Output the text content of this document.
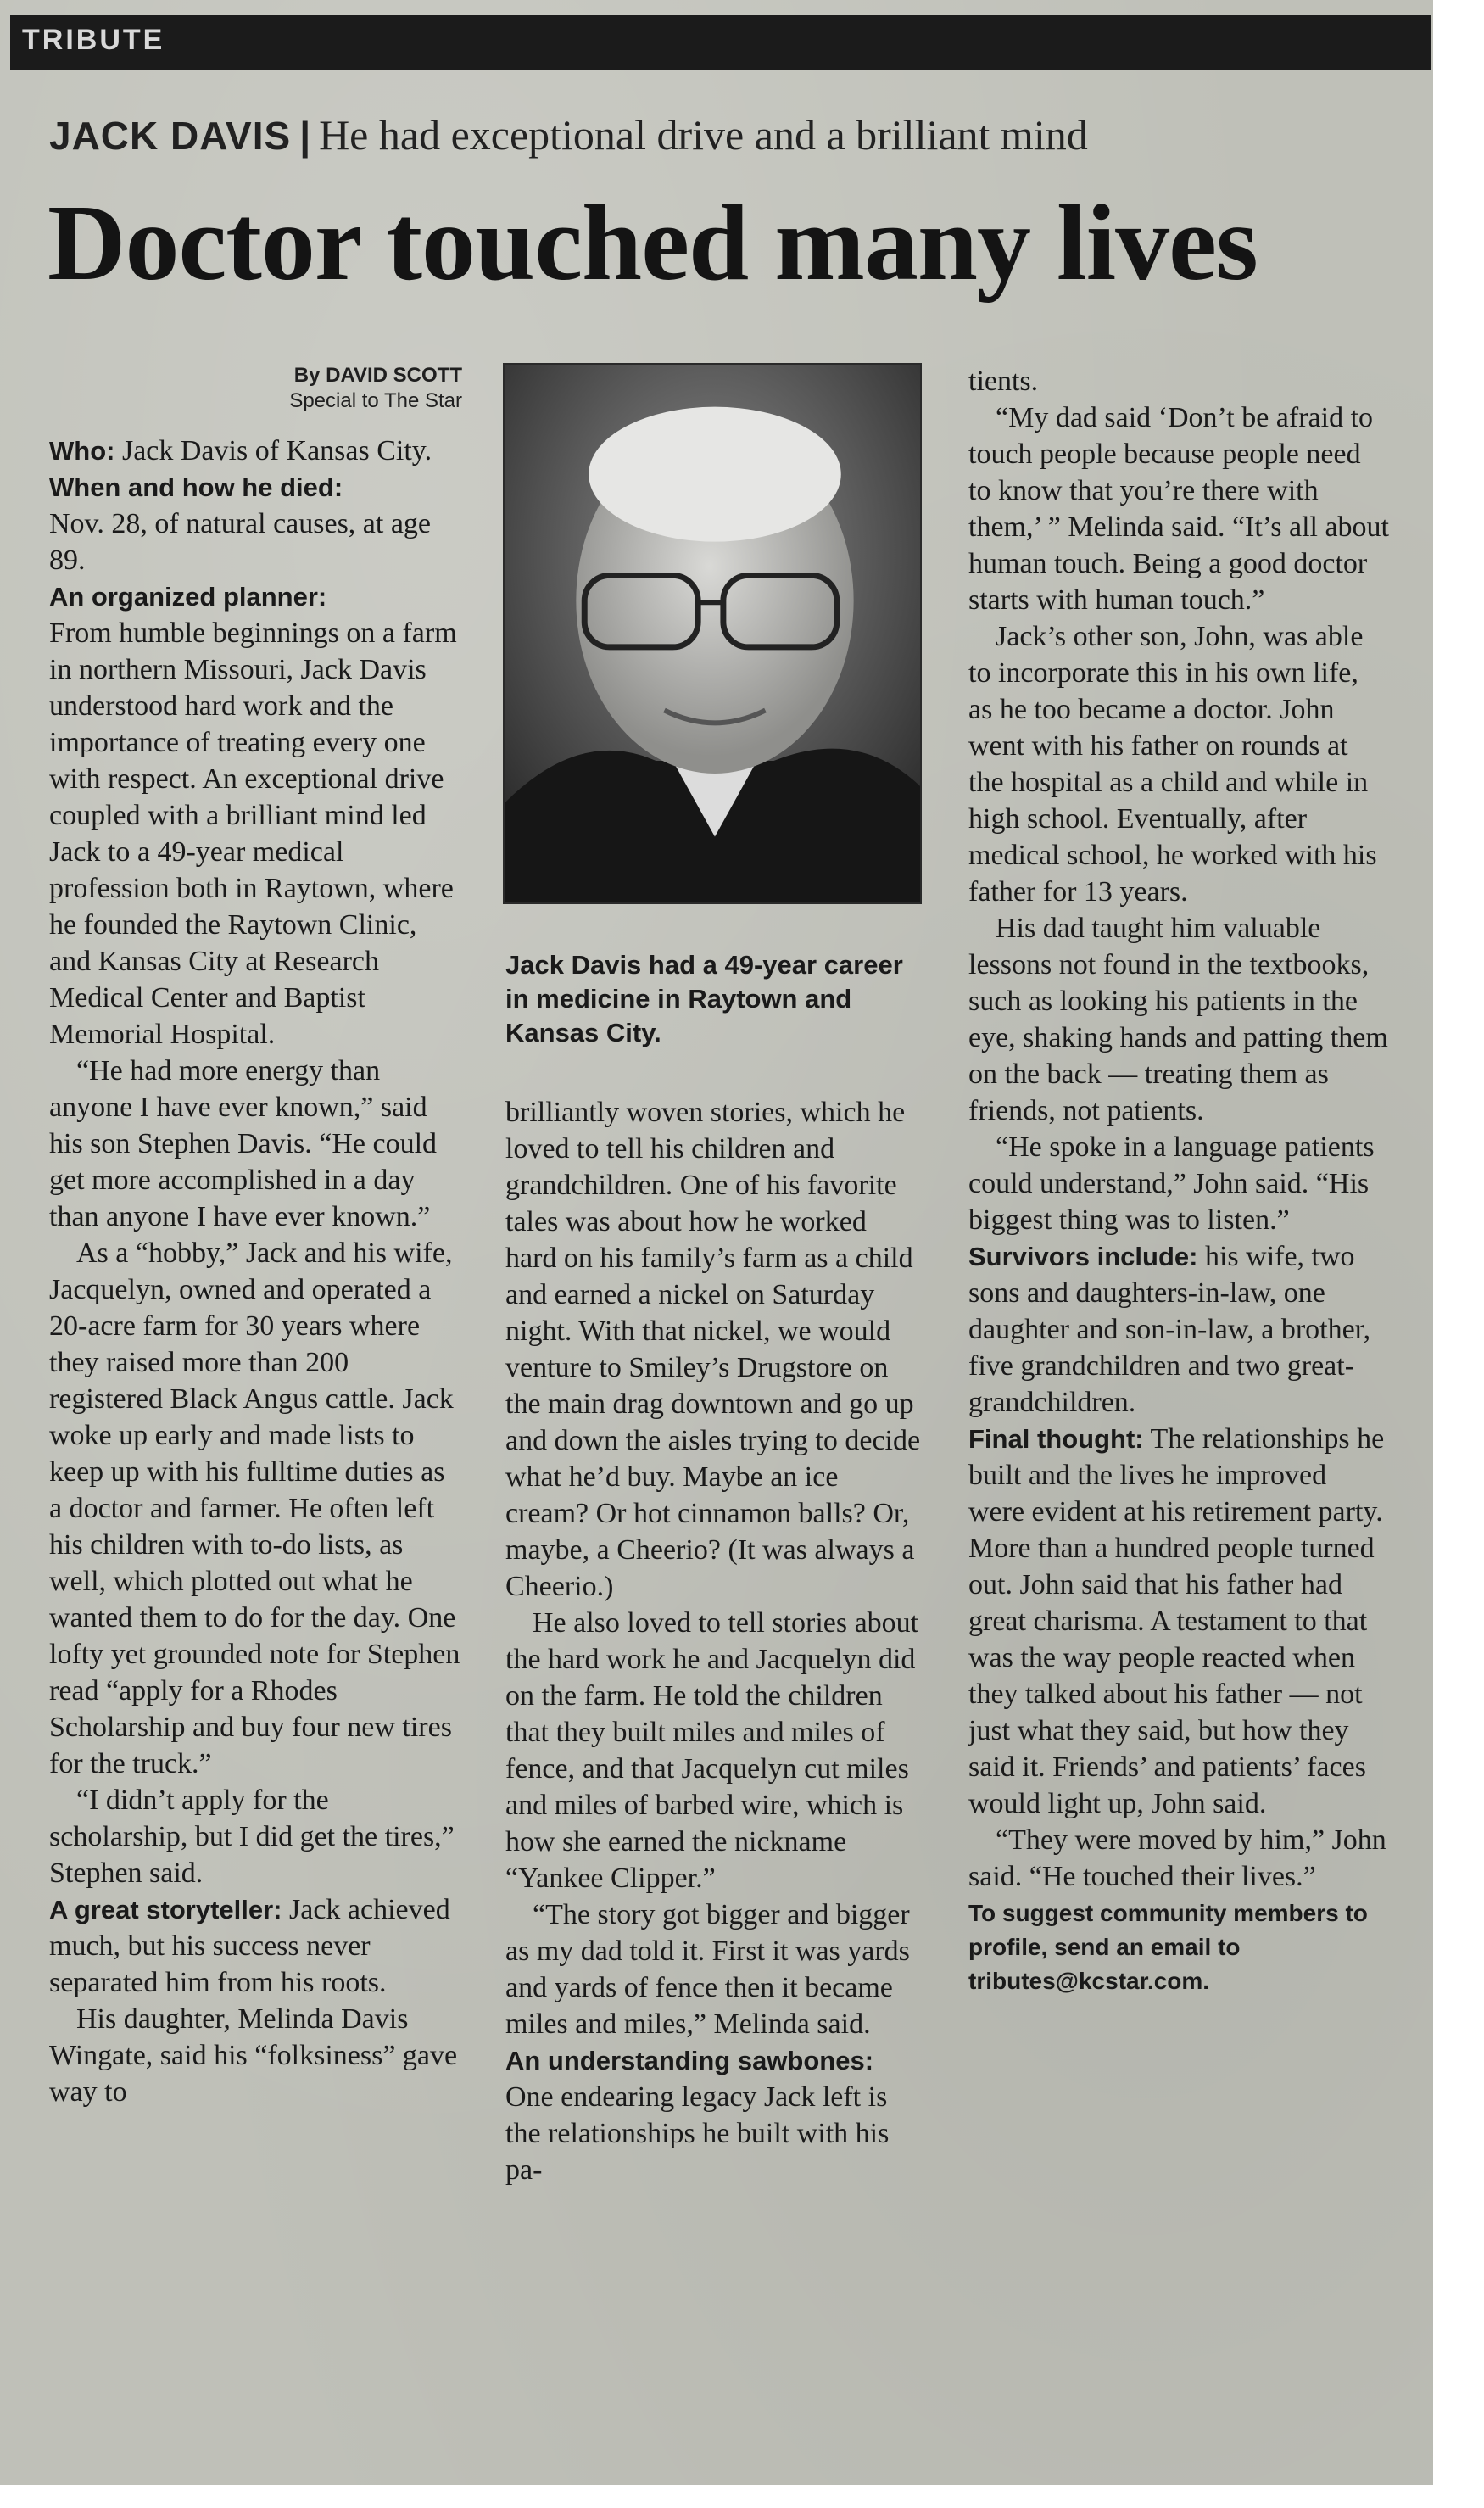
TRIBUTE
JACK DAVIS | He had exceptional drive and a brilliant mind
Doctor touched many lives
By DAVID SCOTT
Special to The Star

Who: Jack Davis of Kansas City.

When and how he died:

Nov. 28, of natural causes, at age 89.

An organized planner:

From humble beginnings on a farm in northern Missouri, Jack Davis understood hard work and the importance of treating every one with respect. An exceptional drive coupled with a brilliant mind led Jack to a 49-year medical profession both in Raytown, where he founded the Raytown Clinic, and Kansas City at Research Medical Center and Baptist Memorial Hospital.

“He had more energy than anyone I have ever known,” said his son Stephen Davis. “He could get more accomplished in a day than anyone I have ever known.”

As a “hobby,” Jack and his wife, Jacquelyn, owned and operated a 20-acre farm for 30 years where they raised more than 200 registered Black Angus cattle. Jack woke up early and made lists to keep up with his fulltime duties as a doctor and farmer. He often left his children with to-do lists, as well, which plotted out what he wanted them to do for the day. One lofty yet grounded note for Stephen read “apply for a Rhodes Scholarship and buy four new tires for the truck.”

“I didn’t apply for the scholarship, but I did get the tires,” Stephen said.

A great storyteller: Jack achieved much, but his success never separated him from his roots.

His daughter, Melinda Davis Wingate, said his “folksiness” gave way to

Jack Davis had a 49-year career in medicine in Raytown and Kansas City.

brilliantly woven stories, which he loved to tell his children and grandchildren. One of his favorite tales was about how he worked hard on his family’s farm as a child and earned a nickel on Saturday night. With that nickel, we would venture to Smiley’s Drugstore on the main drag downtown and go up and down the aisles trying to decide what he’d buy. Maybe an ice cream? Or hot cinnamon balls? Or, maybe, a Cheerio? (It was always a Cheerio.)

He also loved to tell stories about the hard work he and Jacquelyn did on the farm. He told the children that they built miles and miles of fence, and that Jacquelyn cut miles and miles of barbed wire, which is how she earned the nickname “Yankee Clipper.”

“The story got bigger and bigger as my dad told it. First it was yards and yards of fence then it became miles and miles,” Melinda said.

An understanding sawbones: One endearing legacy Jack left is the relationships he built with his pa-

tients.

“My dad said ‘Don’t be afraid to touch people because people need to know that you’re there with them,’ ” Melinda said. “It’s all about human touch. Being a good doctor starts with human touch.”

Jack’s other son, John, was able to incorporate this in his own life, as he too became a doctor. John went with his father on rounds at the hospital as a child and while in high school. Eventually, after medical school, he worked with his father for 13 years.

His dad taught him valuable lessons not found in the textbooks, such as looking his patients in the eye, shaking hands and patting them on the back — treating them as friends, not patients.

“He spoke in a language patients could understand,” John said. “His biggest thing was to listen.”

Survivors include: his wife, two sons and daughters-in-law, one daughter and son-in-law, a brother, five grandchildren and two great-grandchildren.

Final thought: The relationships he built and the lives he improved were evident at his retirement party. More than a hundred people turned out. John said that his father had great charisma. A testament to that was the way people reacted when they talked about his father — not just what they said, but how they said it. Friends’ and patients’ faces would light up, John said.

“They were moved by him,” John said. “He touched their lives.”

To suggest community members to profile, send an email to tributes@kcstar.com.
